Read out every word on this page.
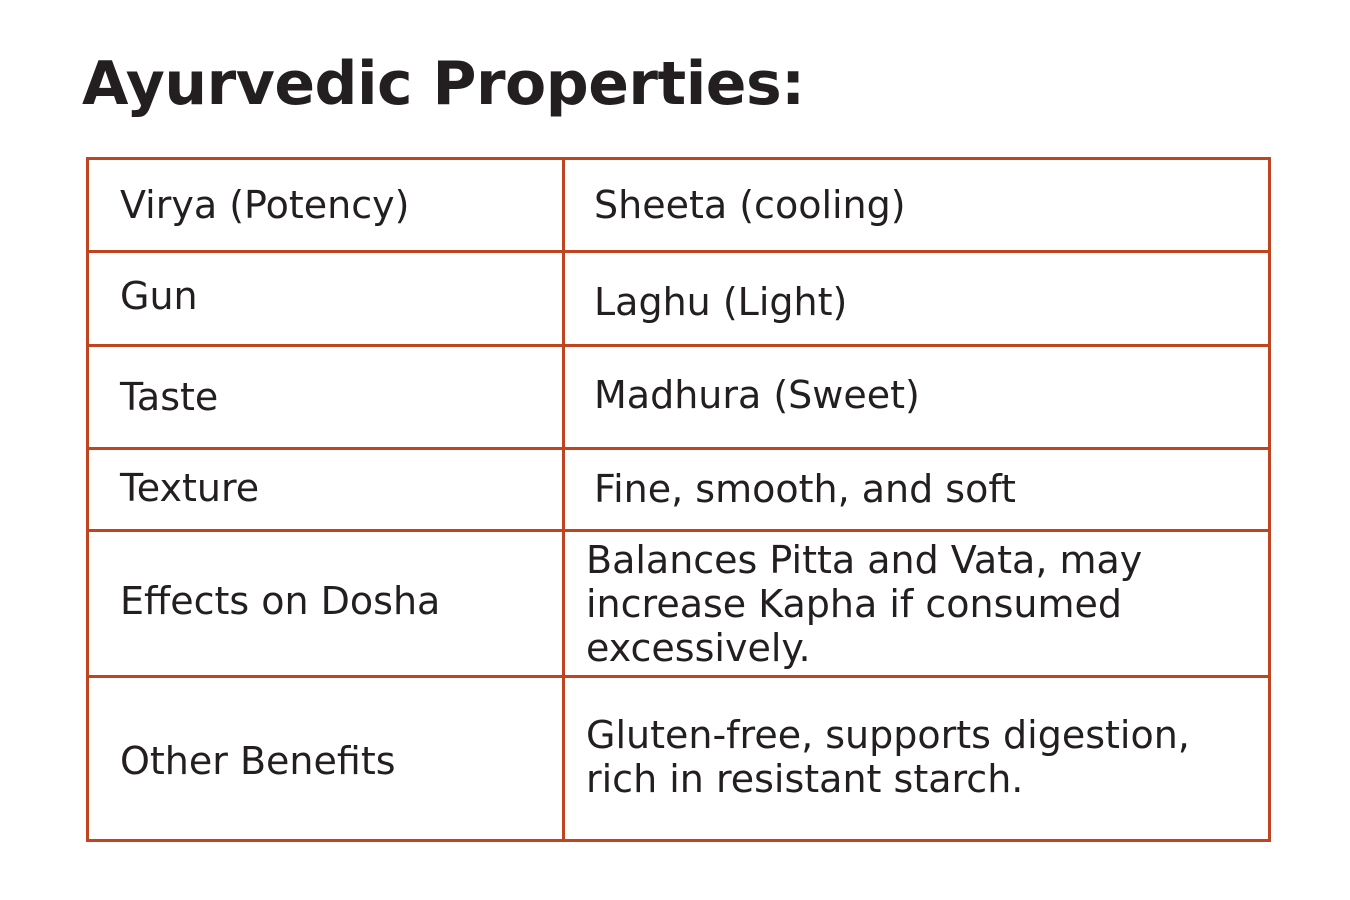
Ayurvedic Properties:
Virya (Potency)	Sheeta (cooling)

Gun	Laghu (Light)

Taste	Madhura (Sweet)

Texture	Fine, smooth, and soft

Effects on Dosha	Balances Pitta and Vata, may increase Kapha if consumed excessively.

Other Benefits	Gluten-free, supports digestion, rich in resistant starch.
